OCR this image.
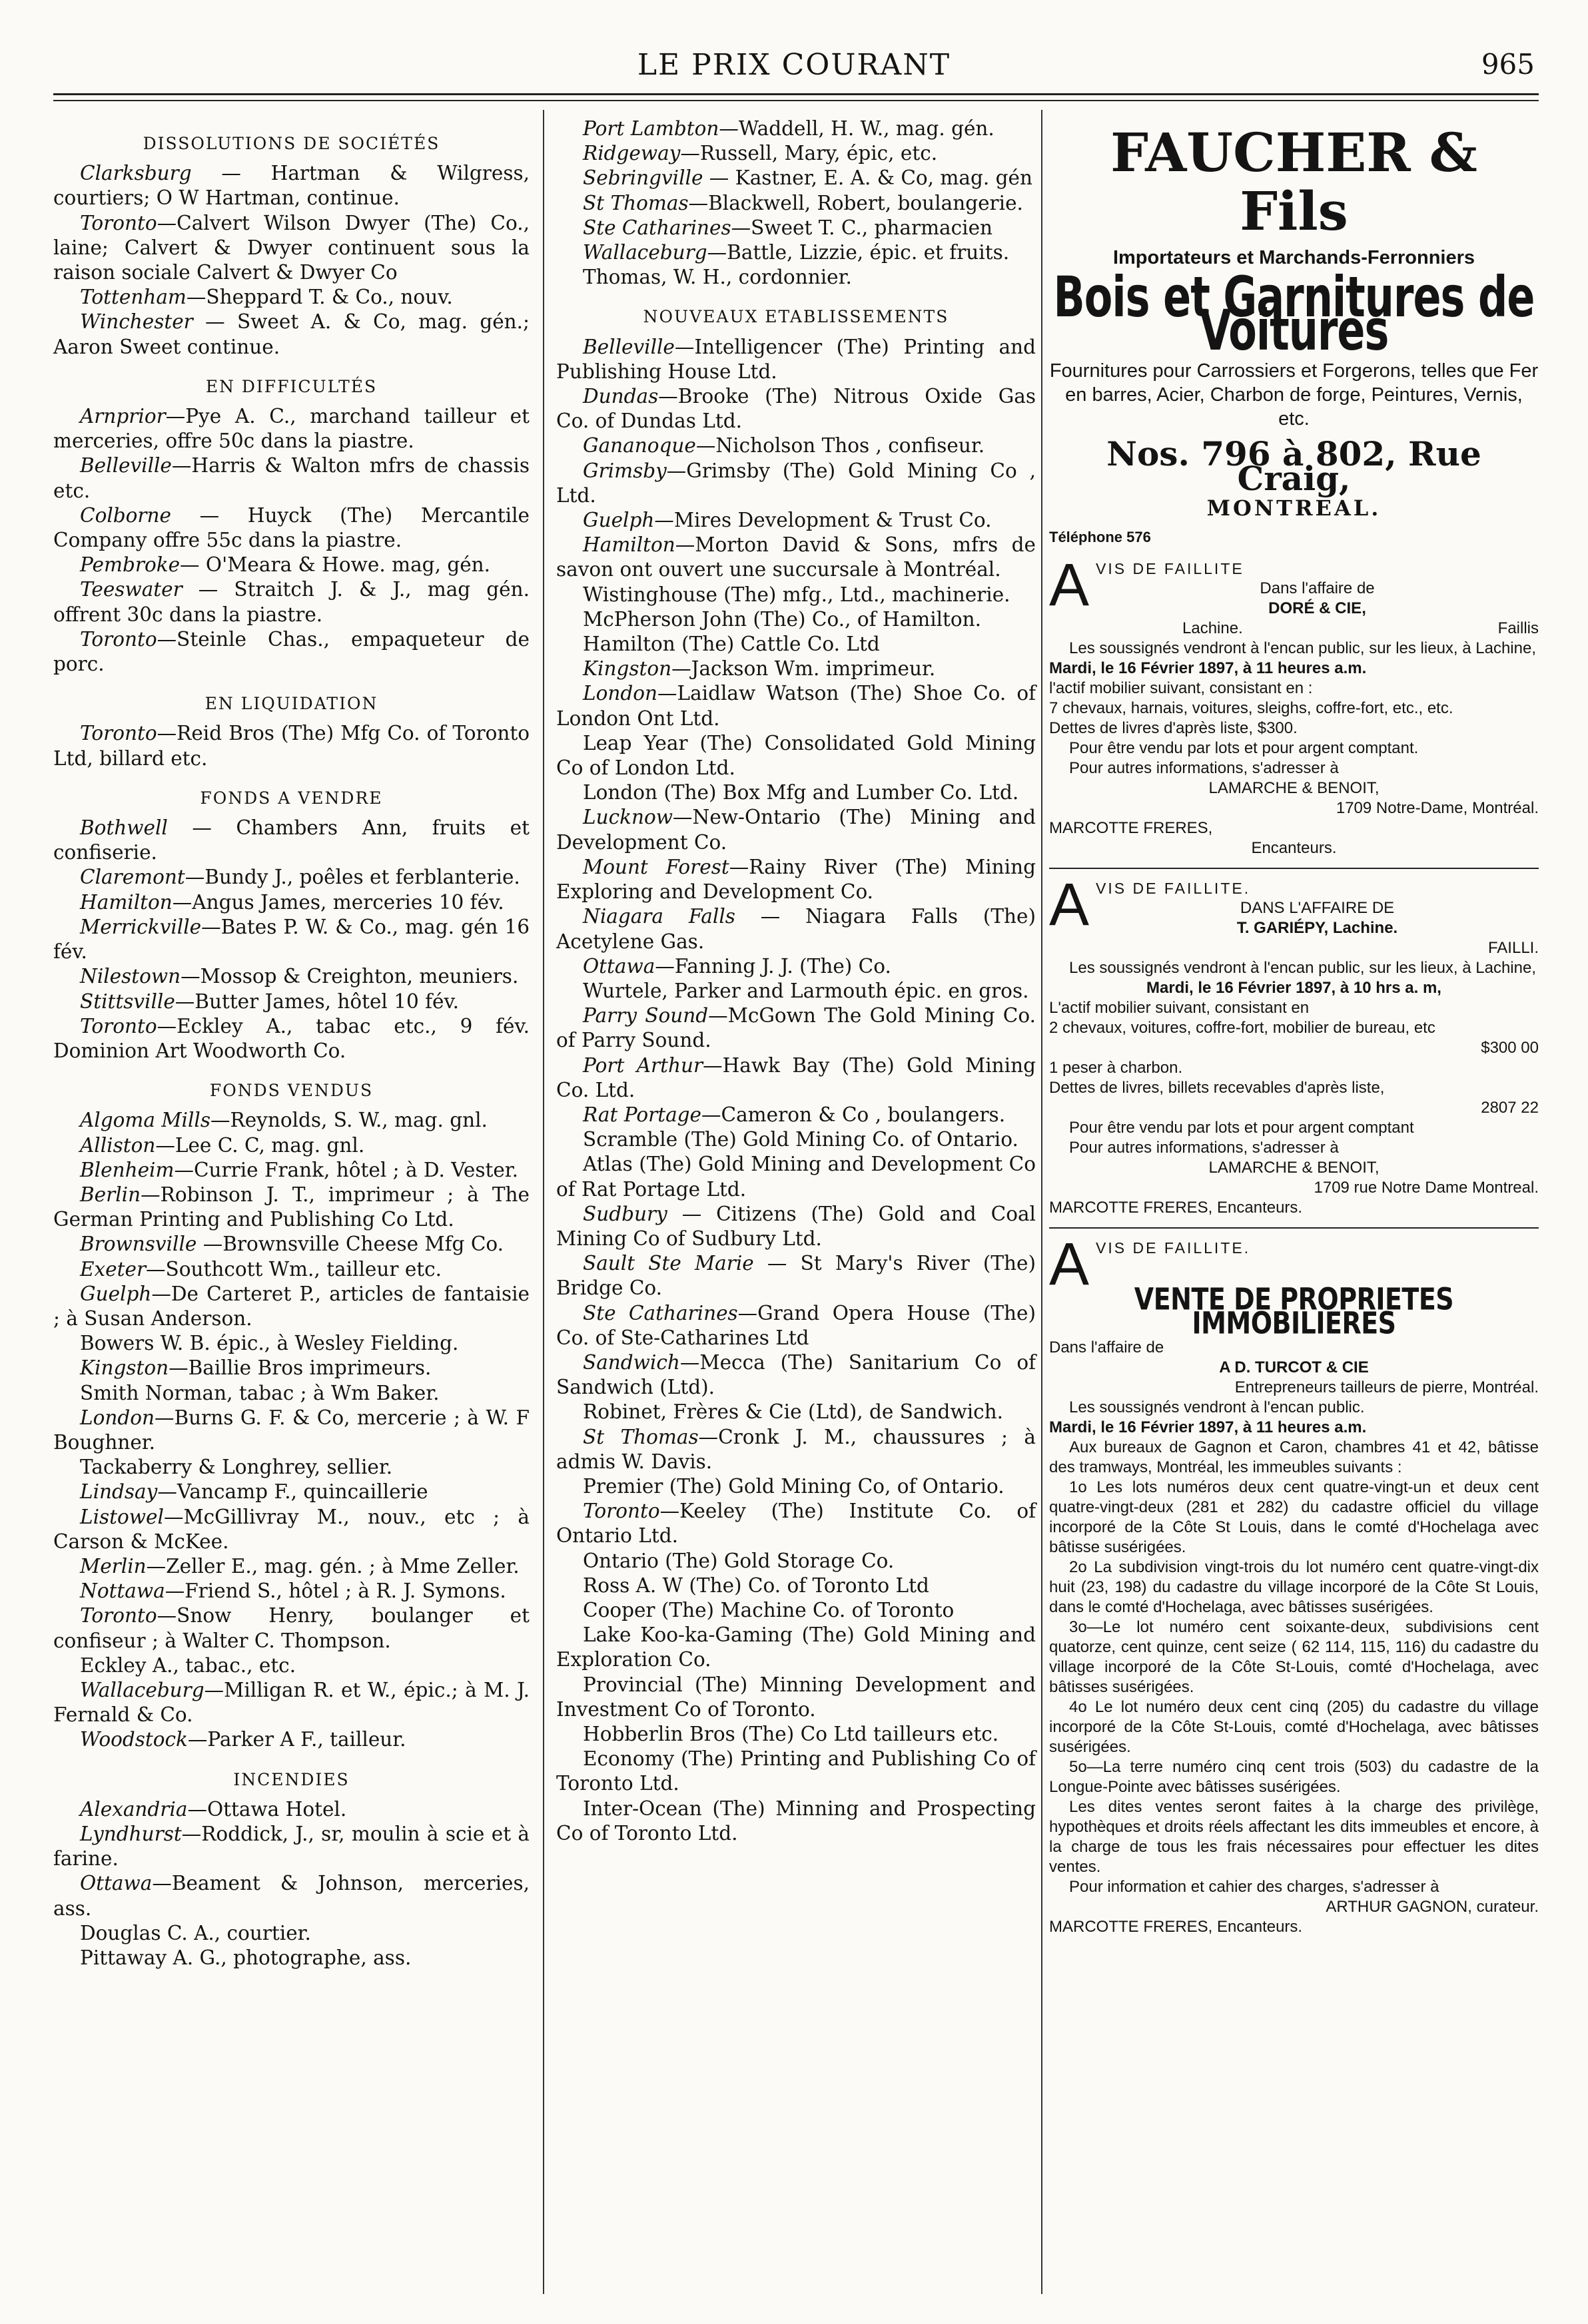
LE PRIX COURANT	965
DISSOLUTIONS DE SOCIÉTÉS

Clarksburg — Hartman & Wilgress, courtiers; O W Hartman, continue.

Toronto—Calvert Wilson Dwyer (The) Co., laine; Calvert & Dwyer continuent sous la raison sociale Calvert & Dwyer Co

Tottenham—Sheppard T. & Co., nouv.

Winchester — Sweet A. & Co, mag. gén.; Aaron Sweet continue.

EN DIFFICULTÉS

Arnprior—Pye A. C., marchand tailleur et merceries, offre 50c dans la piastre.

Belleville—Harris & Walton mfrs de chassis etc.

Colborne — Huyck (The) Mercantile Company offre 55c dans la piastre.

Pembroke— O'Meara & Howe. mag, gén.

Teeswater — Straitch J. & J., mag gén. offrent 30c dans la piastre.

Toronto—Steinle Chas., empaqueteur de porc.

EN LIQUIDATION

Toronto—Reid Bros (The) Mfg Co. of Toronto Ltd, billard etc.

FONDS A VENDRE

Bothwell — Chambers Ann, fruits et confiserie.

Claremont—Bundy J., poêles et ferblanterie.

Hamilton—Angus James, merceries 10 fév.

Merrickville—Bates P. W. & Co., mag. gén 16 fév.

Nilestown—Mossop & Creighton, meuniers.

Stittsville—Butter James, hôtel 10 fév.

Toronto—Eckley A., tabac etc., 9 fév. Dominion Art Woodworth Co.

FONDS VENDUS

Algoma Mills—Reynolds, S. W., mag. gnl.

Alliston—Lee C. C, mag. gnl.

Blenheim—Currie Frank, hôtel ; à D. Vester.

Berlin—Robinson J. T., imprimeur ; à The German Printing and Publishing Co Ltd.

Brownsville —Brownsville Cheese Mfg Co.

Exeter—Southcott Wm., tailleur etc.

Guelph—De Carteret P., articles de fantaisie ; à Susan Anderson.

Bowers W. B. épic., à Wesley Fielding.

Kingston—Baillie Bros imprimeurs.

Smith Norman, tabac ; à Wm Baker.

London—Burns G. F. & Co, mercerie ; à W. F Boughner.

Tackaberry & Longhrey, sellier.

Lindsay—Vancamp F., quincaillerie

Listowel—McGillivray M., nouv., etc ; à Carson & McKee.

Merlin—Zeller E., mag. gén. ; à Mme Zeller.

Nottawa—Friend S., hôtel ; à R. J. Symons.

Toronto—Snow Henry, boulanger et confiseur ; à Walter C. Thompson.

Eckley A., tabac., etc.

Wallaceburg—Milligan R. et W., épic.; à M. J. Fernald & Co.

Woodstock—Parker A F., tailleur.

INCENDIES

Alexandria—Ottawa Hotel.

Lyndhurst—Roddick, J., sr, moulin à scie et à farine.

Ottawa—Beament & Johnson, merceries, ass.

Douglas C. A., courtier.

Pittaway A. G., photographe, ass.

Port Lambton—Waddell, H. W., mag. gén.

Ridgeway—Russell, Mary, épic, etc.

Sebringville — Kastner, E. A. & Co, mag. gén

St Thomas—Blackwell, Robert, boulangerie.

Ste Catharines—Sweet T. C., pharmacien

Wallaceburg—Battle, Lizzie, épic. et fruits.

Thomas, W. H., cordonnier.

NOUVEAUX ETABLISSEMENTS

Belleville—Intelligencer (The) Printing and Publishing House Ltd.

Dundas—Brooke (The) Nitrous Oxide Gas Co. of Dundas Ltd.

Gananoque—Nicholson Thos , confiseur.

Grimsby—Grimsby (The) Gold Mining Co , Ltd.

Guelph—Mires Development & Trust Co.

Hamilton—Morton David & Sons, mfrs de savon ont ouvert une succursale à Montréal.

Wistinghouse (The) mfg., Ltd., machinerie.

McPherson John (The) Co., of Hamilton.

Hamilton (The) Cattle Co. Ltd

Kingston—Jackson Wm. imprimeur.

London—Laidlaw Watson (The) Shoe Co. of London Ont Ltd.

Leap Year (The) Consolidated Gold Mining Co of London Ltd.

London (The) Box Mfg and Lumber Co. Ltd.

Lucknow—New-Ontario (The) Mining and Development Co.

Mount Forest—Rainy River (The) Mining Exploring and Development Co.

Niagara Falls — Niagara Falls (The) Acetylene Gas.

Ottawa—Fanning J. J. (The) Co.

Wurtele, Parker and Larmouth épic. en gros.

Parry Sound—McGown The Gold Mining Co. of Parry Sound.

Port Arthur—Hawk Bay (The) Gold Mining Co. Ltd.

Rat Portage—Cameron & Co , boulangers.

Scramble (The) Gold Mining Co. of Ontario.

Atlas (The) Gold Mining and Development Co of Rat Portage Ltd.

Sudbury — Citizens (The) Gold and Coal Mining Co of Sudbury Ltd.

Sault Ste Marie — St Mary's River (The) Bridge Co.

Ste Catharines—Grand Opera House (The) Co. of Ste-Catharines Ltd

Sandwich—Mecca (The) Sanitarium Co of Sandwich (Ltd).

Robinet, Frères & Cie (Ltd), de Sandwich.

St Thomas—Cronk J. M., chaussures ; à admis W. Davis.

Premier (The) Gold Mining Co, of Ontario.

Toronto—Keeley (The) Institute Co. of Ontario Ltd.

Ontario (The) Gold Storage Co.

Ross A. W (The) Co. of Toronto Ltd

Cooper (The) Machine Co. of Toronto

Lake Koo-ka-Gaming (The) Gold Mining and Exploration Co.

Provincial (The) Minning Development and Investment Co of Toronto.

Hobberlin Bros (The) Co Ltd tailleurs etc.

Economy (The) Printing and Publishing Co of Toronto Ltd.

Inter-Ocean (The) Minning and Prospecting Co of Toronto Ltd.

FAUCHER & Fils
Importateurs et Marchands-Ferronniers
Bois et Garnitures de Voitures
Fournitures pour Carrossiers et Forgerons, telles que Fer en barres, Acier, Charbon de forge, Peintures, Vernis, etc.
Nos. 796 à 802, Rue Craig,
MONTREAL.
Téléphone 576
A VIS DE FAILLITE
Dans l'affaire de
DORÉ & CIE,
Lachine.	Faillis

Les soussignés vendront à l'encan public, sur les lieux, à Lachine,

Mardi, le 16 Février 1897, à 11 heures a.m.

l'actif mobilier suivant, consistant en :

7 chevaux, harnais, voitures, sleighs, coffre-fort, etc., etc.

Dettes de livres d'après liste, $300.

Pour être vendu par lots et pour argent comptant.

Pour autres informations, s'adresser à

LAMARCHE & BENOIT,
1709 Notre-Dame, Montréal.
MARCOTTE FRERES,
Encanteurs.
A VIS DE FAILLITE.
DANS L'AFFAIRE DE
T. GARIÉPY, Lachine.
FAILLI.

Les soussignés vendront à l'encan public, sur les lieux, à Lachine,

Mardi, le 16 Février 1897, à 10 hrs a. m,

L'actif mobilier suivant, consistant en

2 chevaux, voitures, coffre-fort, mobilier de bureau, etc

$300 00

1 peser à charbon.

Dettes de livres, billets recevables d'après liste,

2807 22

Pour être vendu par lots et pour argent comptant

Pour autres informations, s'adresser à

LAMARCHE & BENOIT,
1709 rue Notre Dame Montreal.
MARCOTTE FRERES, Encanteurs.
A VIS DE FAILLITE.
VENTE DE PROPRIETES IMMOBILIERES
Dans l'affaire de
A D. TURCOT & CIE
Entrepreneurs tailleurs de pierre, Montréal.

Les soussignés vendront à l'encan public.

Mardi, le 16 Février 1897, à 11 heures a.m.

Aux bureaux de Gagnon et Caron, chambres 41 et 42, bâtisse des tramways, Montréal, les immeubles suivants :

1o Les lots numéros deux cent quatre-vingt-un et deux cent quatre-vingt-deux (281 et 282) du cadastre officiel du village incorporé de la Côte St Louis, dans le comté d'Hochelaga avec bâtisse susérigées.

2o La subdivision vingt-trois du lot numéro cent quatre-vingt-dix huit (23, 198) du cadastre du village incorporé de la Côte St Louis, dans le comté d'Hochelaga, avec bâtisses susérigées.

3o—Le lot numéro cent soixante-deux, subdivisions cent quatorze, cent quinze, cent seize ( 62 114, 115, 116) du cadastre du village incorporé de la Côte St-Louis, comté d'Hochelaga, avec bâtisses susérigées.

4o Le lot numéro deux cent cinq (205) du cadastre du village incorporé de la Côte St-Louis, comté d'Hochelaga, avec bâtisses susérigées.

5o—La terre numéro cinq cent trois (503) du cadastre de la Longue-Pointe avec bâtisses susérigées.

Les dites ventes seront faites à la charge des privilège, hypothèques et droits réels affectant les dits immeubles et encore, à la charge de tous les frais nécessaires pour effectuer les dites ventes.

Pour information et cahier des charges, s'adresser à

ARTHUR GAGNON, curateur.
MARCOTTE FRERES, Encanteurs.
